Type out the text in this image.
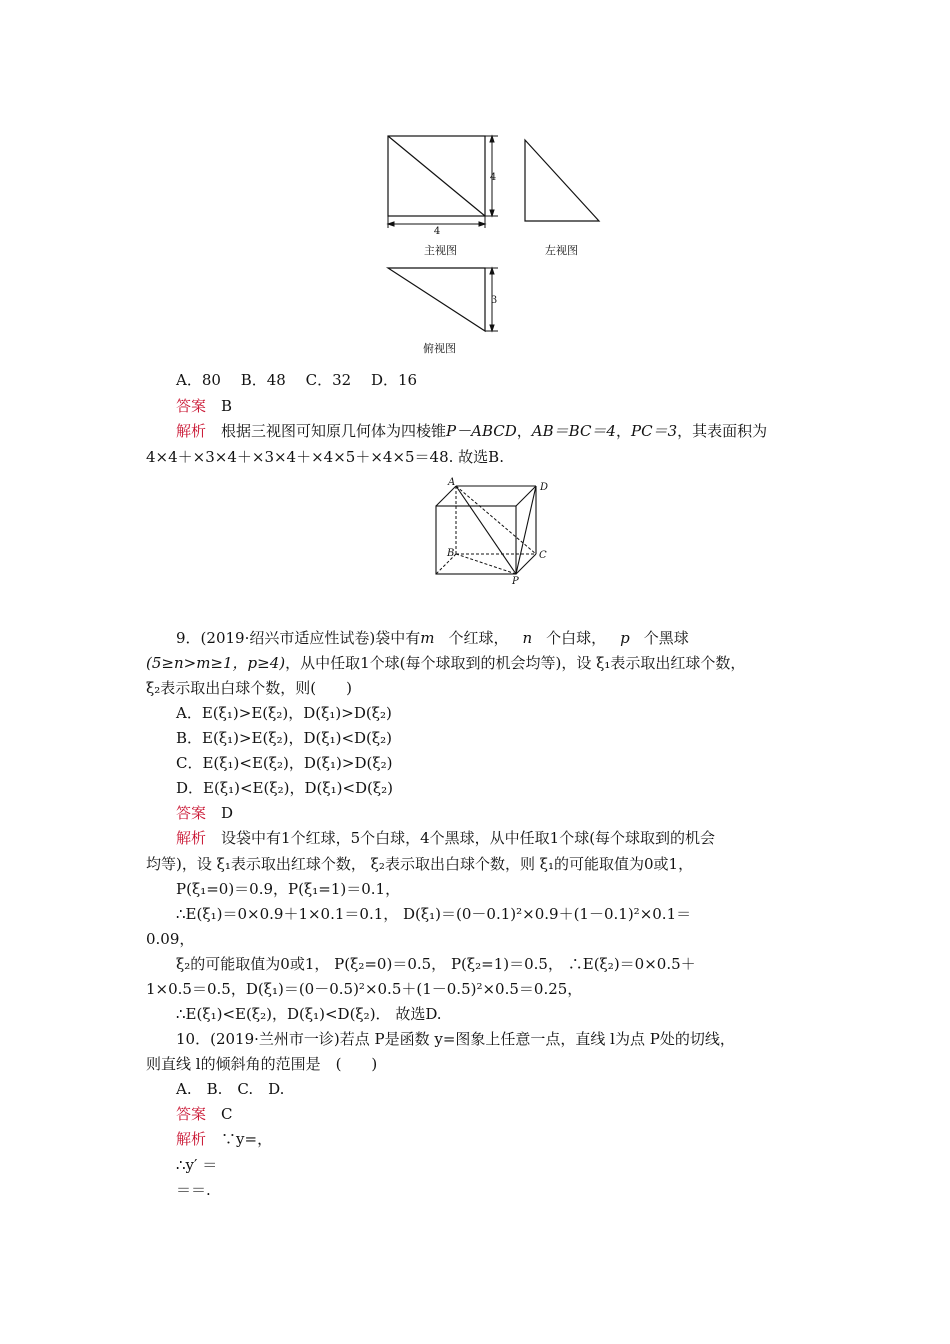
4
4
3
主视图	左视图
俯视图
A．80　 B．48　 C．32　 D．16
答案　 B
解析　 根据三视图可知原几何体为四棱锥P－ABCD，AB＝BC＝4，PC＝3，其表面积为
4×4＋×3×4＋×3×4＋×4×5＋×4×5＝48. 故选B.
A	D
B	C
P
9．(2019·绍兴市适应性试卷)袋中有m 个红球， n 个白球， p 个黑球
(5≥n>m≥1，p≥4)，从中任取1个球(每个球取到的机会均等)，设 ξ₁表示取出红球个数，
ξ₂表示取出白球个数，则(　　)
A．E(ξ₁)>E(ξ₂)，D(ξ₁)>D(ξ₂)
B．E(ξ₁)>E(ξ₂)，D(ξ₁)<D(ξ₂)
C．E(ξ₁)<E(ξ₂)，D(ξ₁)>D(ξ₂)
D．E(ξ₁)<E(ξ₂)，D(ξ₁)<D(ξ₂)
答案　 D
解析　 设袋中有1个红球，5个白球，4个黑球，从中任取1个球(每个球取到的机会
均等)，设 ξ₁表示取出红球个数， ξ₂表示取出白球个数，则 ξ₁的可能取值为0或1，
P(ξ₁=0)＝0.9，P(ξ₁=1)＝0.1，
∴E(ξ₁)＝0×0.9＋1×0.1＝0.1， D(ξ₁)＝(0－0.1)²×0.9＋(1－0.1)²×0.1＝
0.09，
ξ₂的可能取值为0或1， P(ξ₂=0)＝0.5， P(ξ₂=1)＝0.5， ∴E(ξ₂)＝0×0.5＋
1×0.5＝0.5，D(ξ₁)＝(0－0.5)²×0.5＋(1－0.5)²×0.5＝0.25，
∴E(ξ₁)<E(ξ₂)，D(ξ₁)<D(ξ₂)． 故选D.
10．(2019·兰州市一诊)若点 P是函数 y=图象上任意一点，直线 l为点 P处的切线，
则直线 l的倾斜角的范围是　(　　)
A.　B.　C.　D.
答案　 C
解析　 ∵y=，
∴y′ ＝
＝＝.
